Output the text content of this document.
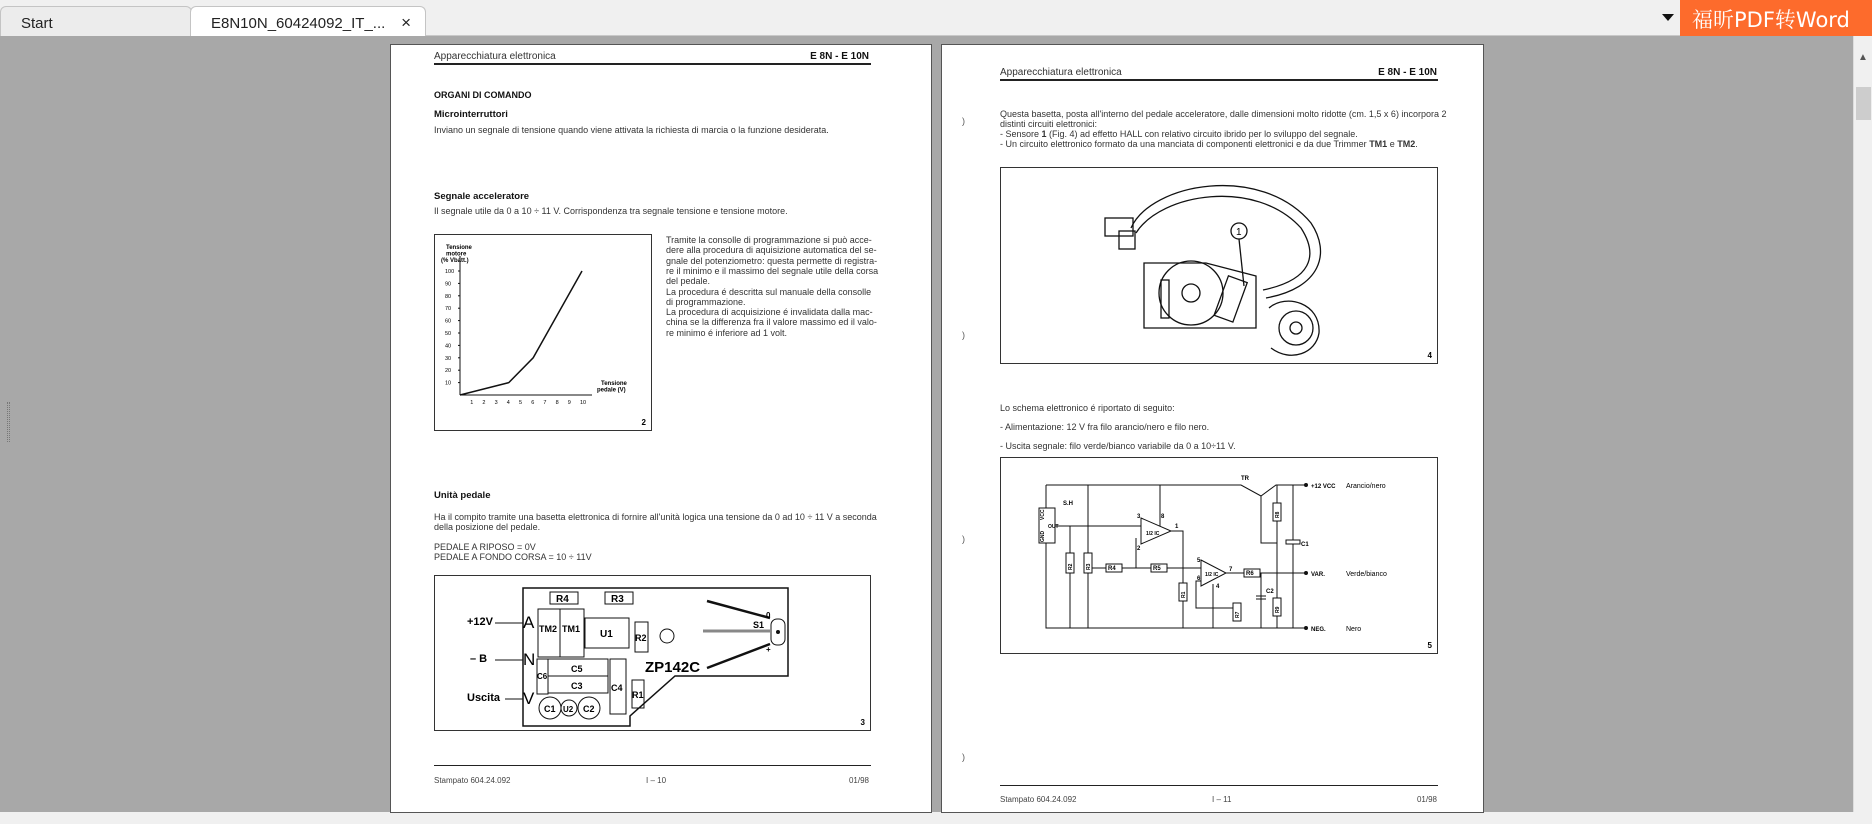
Start	E8N10N_60424092_IT_... ×	福昕PDF转Word
▲
Apparecchiatura elettronica	E 8N - E 10N
ORGANI DI COMANDO
Microinterruttori
Inviano un segnale di tensione quando viene attivata la richiesta di marcia o la funzione desiderata.
Segnale acceleratore
Il segnale utile da 0 a 10 ÷ 11 V. Corrispondenza tra segnale tensione e tensione motore.
1 2 3 4 5 6 7 8 9 10
10
20
30
40
50
60
70
80
90
100
Tensione
motore
(% Vbatt.)
Tensione
pedale (V)
2
Tramite la consolle di programmazione si può acce-
dere alla procedura di aquisizione automatica del se-
gnale del potenziometro: questa permette di registra-
re il minimo e il massimo del segnale utile della corsa
del pedale.
La procedura é descritta sul manuale della consolle
di programmazione.
La procedura di acquisizione é invalidata dalla mac-
china se la differenza fra il valore massimo ed il valo-
re minimo é inferiore ad 1 volt.
Unità pedale
Ha il compito tramite una basetta elettronica di fornire all'unità logica una tensione da 0 ad 10 ÷ 11 V a seconda
della posizione del pedale.
PEDALE A RIPOSO = 0V
PEDALE A FONDO CORSA = 10 ÷ 11V
+12V
– B
Uscita
A
N
V
R4	R3
TM2 TM1 U1 R2
C5
C6
C3	C4
R1
C1 U2 C2
ZP142C
S1
0
+
3
Stampato 604.24.092	I – 10	01/98
)
)
)
)
Apparecchiatura elettronica	E 8N - E 10N
Questa basetta, posta all'interno del pedale acceleratore, dalle dimensioni molto ridotte (cm. 1,5 x 6) incorpora 2
distinti circuiti elettronici:
- Sensore 1 (Fig. 4) ad effetto HALL con relativo circuito ibrido per lo sviluppo del segnale.
- Un circuito elettronico formato da una manciata di componenti elettronici e da due Trimmer TM1 e TM2.
1
4
Lo schema elettronico é riportato di seguito:
- Alimentazione: 12 V fra filo arancio/nero e filo nero.
- Uscita segnale: filo verde/bianco variabile da 0 a 10÷11 V.
TR
+12 VCC Arancio/nero
S.H
OUT
VCC
GND
VAR.	Verde/bianco
NEG.	Nero
C1
C2
R4	R5
R6
R2 R3
R1
R7
R8
R9
1/2 IC
1/2 IC
3	8
1
2
5
6
7
4
5
Stampato 604.24.092	I – 11	01/98
